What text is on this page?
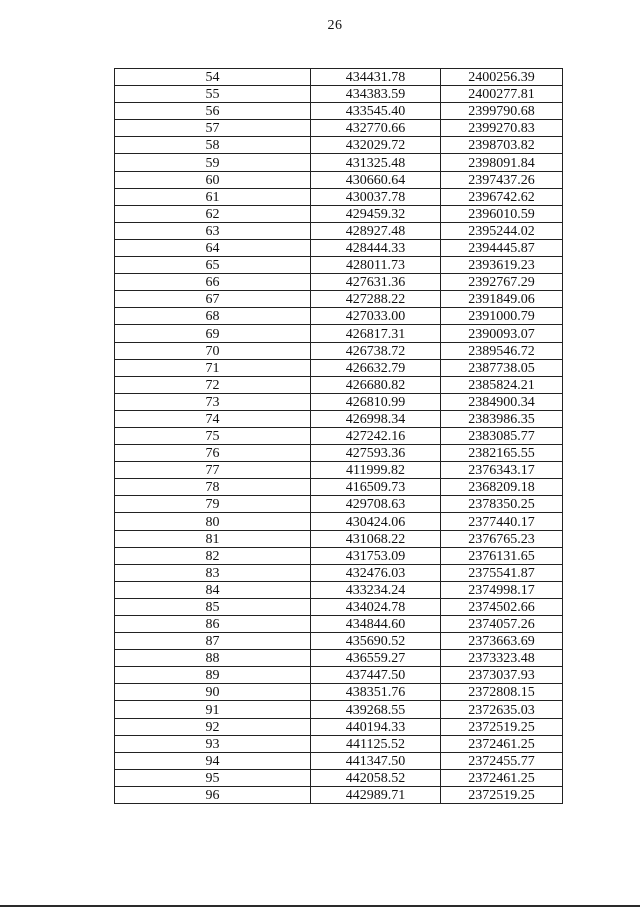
26
54	434431.78	2400256.39
55	434383.59	2400277.81
56	433545.40	2399790.68
57	432770.66	2399270.83
58	432029.72	2398703.82
59	431325.48	2398091.84
60	430660.64	2397437.26
61	430037.78	2396742.62
62	429459.32	2396010.59
63	428927.48	2395244.02
64	428444.33	2394445.87
65	428011.73	2393619.23
66	427631.36	2392767.29
67	427288.22	2391849.06
68	427033.00	2391000.79
69	426817.31	2390093.07
70	426738.72	2389546.72
71	426632.79	2387738.05
72	426680.82	2385824.21
73	426810.99	2384900.34
74	426998.34	2383986.35
75	427242.16	2383085.77
76	427593.36	2382165.55
77	411999.82	2376343.17
78	416509.73	2368209.18
79	429708.63	2378350.25
80	430424.06	2377440.17
81	431068.22	2376765.23
82	431753.09	2376131.65
83	432476.03	2375541.87
84	433234.24	2374998.17
85	434024.78	2374502.66
86	434844.60	2374057.26
87	435690.52	2373663.69
88	436559.27	2373323.48
89	437447.50	2373037.93
90	438351.76	2372808.15
91	439268.55	2372635.03
92	440194.33	2372519.25
93	441125.52	2372461.25
94	441347.50	2372455.77
95	442058.52	2372461.25
96	442989.71	2372519.25
